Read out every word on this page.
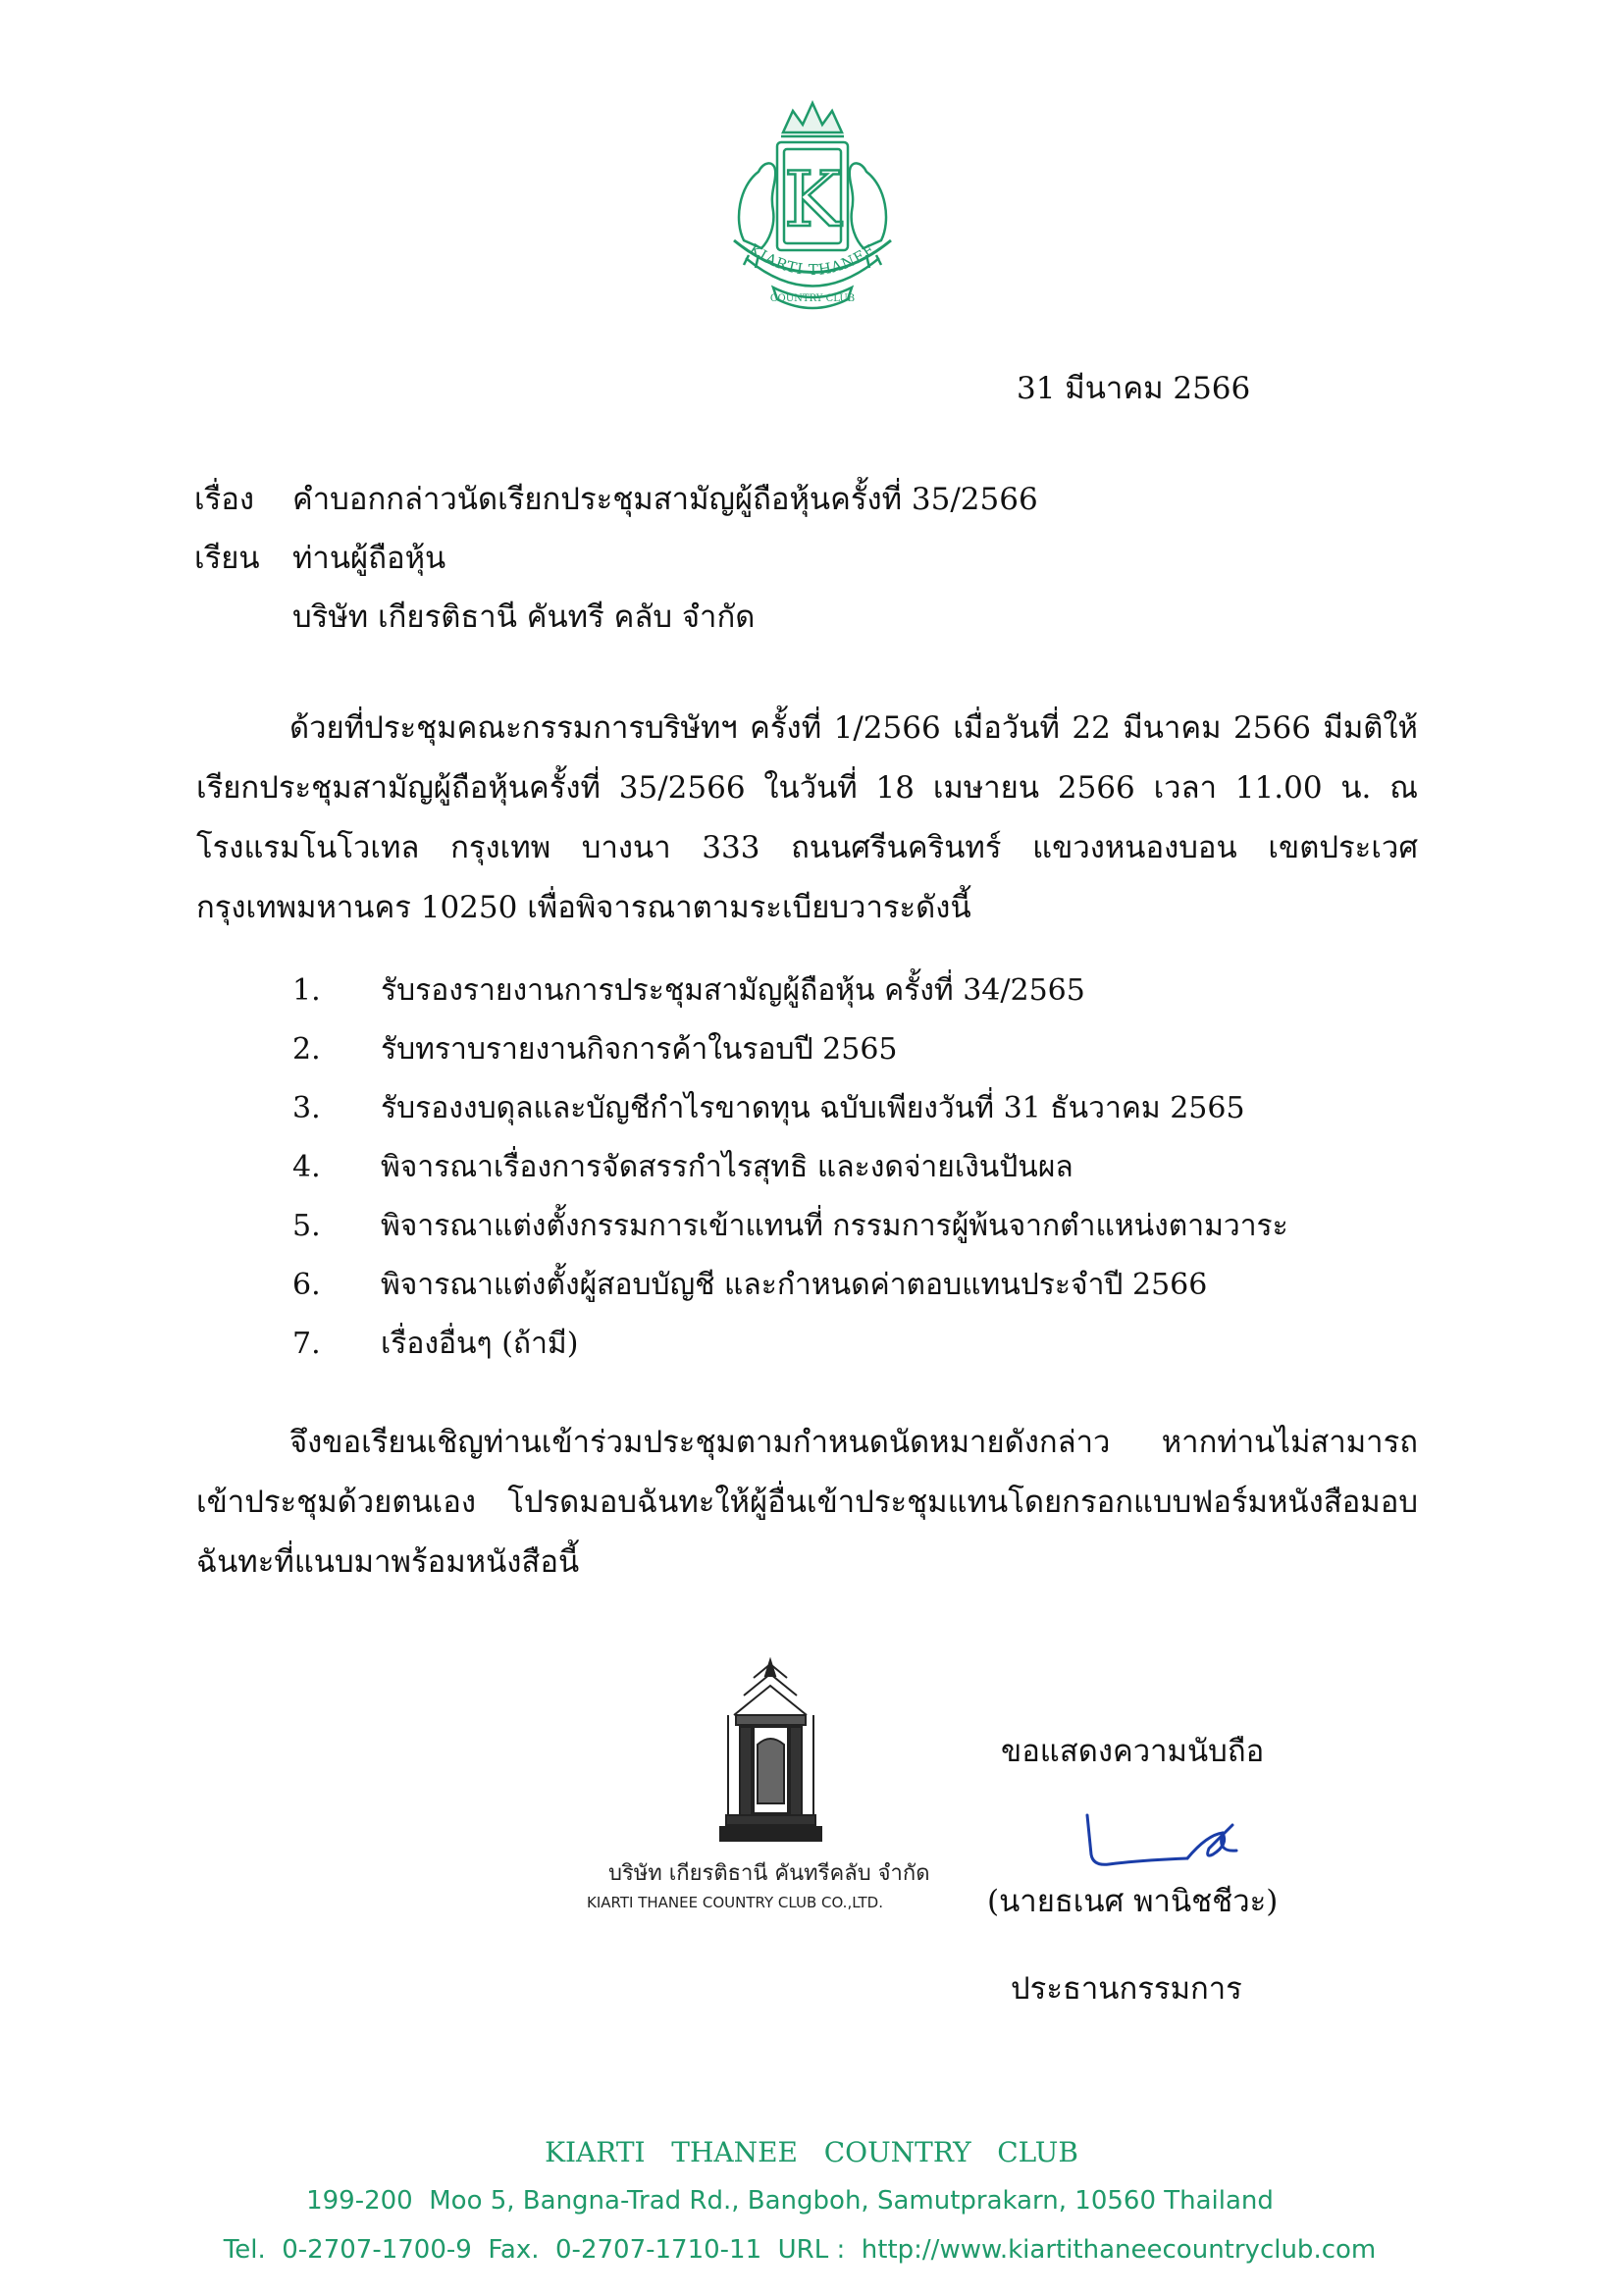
K
KIARTI THANEE
COUNTRY CLUB
31 มีนาคม 2566
เรื่อง คำบอกกล่าวนัดเรียกประชุมสามัญผู้ถือหุ้นครั้งที่ 35/2566
เรียน ท่านผู้ถือหุ้น
บริษัท เกียรติธานี คันทรี คลับ จำกัด
ด้วยที่ประชุมคณะกรรมการบริษัทฯ ครั้งที่ 1/2566 เมื่อวันที่ 22 มีนาคม 2566 มีมติให้เรียกประชุมสามัญผู้ถือหุ้นครั้งที่ 35/2566 ในวันที่ 18 เมษายน 2566 เวลา 11.00 น. ณ โรงแรมโนโวเทล กรุงเทพ บางนา 333 ถนนศรีนครินทร์ แขวงหนองบอน เขตประเวศ กรุงเทพมหานคร 10250 เพื่อพิจารณาตามระเบียบวาระดังนี้
1. รับรองรายงานการประชุมสามัญผู้ถือหุ้น ครั้งที่ 34/2565
2. รับทราบรายงานกิจการค้าในรอบปี 2565
3. รับรองงบดุลและบัญชีกำไรขาดทุน ฉบับเพียงวันที่ 31 ธันวาคม 2565
4. พิจารณาเรื่องการจัดสรรกำไรสุทธิ และงดจ่ายเงินปันผล
5. พิจารณาแต่งตั้งกรรมการเข้าแทนที่ กรรมการผู้พ้นจากตำแหน่งตามวาระ
6. พิจารณาแต่งตั้งผู้สอบบัญชี และกำหนดค่าตอบแทนประจำปี 2566
7. เรื่องอื่นๆ (ถ้ามี)
จึงขอเรียนเชิญท่านเข้าร่วมประชุมตามกำหนดนัดหมายดังกล่าว หากท่านไม่สามารถเข้าประชุมด้วยตนเอง โปรดมอบฉันทะให้ผู้อื่นเข้าประชุมแทนโดยกรอกแบบฟอร์มหนังสือมอบฉันทะที่แนบมาพร้อมหนังสือนี้
บริษัท เกียรติธานี คันทรีคลับ จำกัด
KIARTI THANEE COUNTRY CLUB CO.,LTD.
ขอแสดงความนับถือ
(นายธเนศ พานิชชีวะ)
ประธานกรรมการ
KIARTI   THANEE   COUNTRY   CLUB
199-200  Moo 5, Bangna-Trad Rd., Bangboh, Samutprakarn, 10560 Thailand
Tel.  0-2707-1700-9  Fax.  0-2707-1710-11  URL :  http://www.kiartithaneecountryclub.com
